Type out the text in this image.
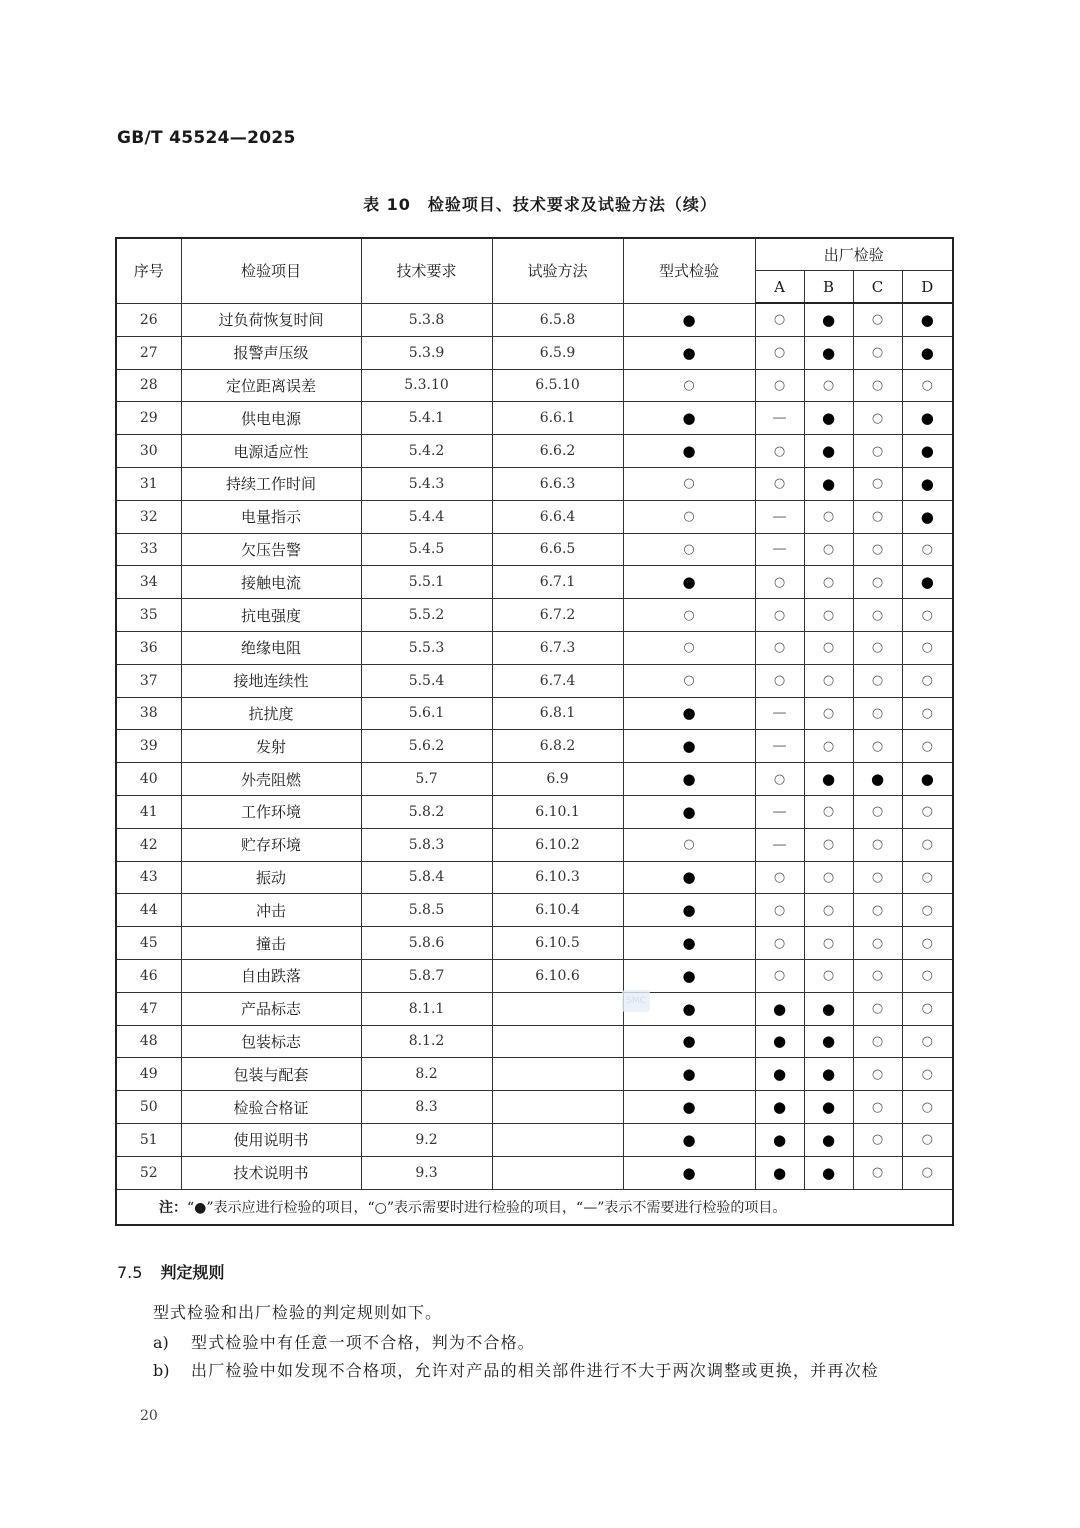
GB/T 45524—2025
表 10　检验项目、技术要求及试验方法（续）
序号	检验项目	技术要求	试验方法	型式检验	出厂检验			
					A	B	C	D
26	过负荷恢复时间	5.3.8	6.5.8	●	○	●	○	●
27	报警声压级	5.3.9	6.5.9	●	○	●	○	●
28	定位距离误差	5.3.10	6.5.10	○	○	○	○	○
29	供电电源	5.4.1	6.6.1	●	—	●	○	●
30	电源适应性	5.4.2	6.6.2	●	○	●	○	●
31	持续工作时间	5.4.3	6.6.3	○	○	●	○	●
32	电量指示	5.4.4	6.6.4	○	—	○	○	●
33	欠压告警	5.4.5	6.6.5	○	—	○	○	○
34	接触电流	5.5.1	6.7.1	●	○	○	○	●
35	抗电强度	5.5.2	6.7.2	○	○	○	○	○
36	绝缘电阻	5.5.3	6.7.3	○	○	○	○	○
37	接地连续性	5.5.4	6.7.4	○	○	○	○	○
38	抗扰度	5.6.1	6.8.1	●	—	○	○	○
39	发射	5.6.2	6.8.2	●	—	○	○	○
40	外壳阻燃	5.7	6.9	●	○	●	●	●
41	工作环境	5.8.2	6.10.1	●	—	○	○	○
42	贮存环境	5.8.3	6.10.2	○	—	○	○	○
43	振动	5.8.4	6.10.3	●	○	○	○	○
44	冲击	5.8.5	6.10.4	●	○	○	○	○
45	撞击	5.8.6	6.10.5	●	○	○	○	○
46	自由跌落	5.8.7	6.10.6	●	○	○	○	○
47	产品标志	8.1.1		●	●	●	○	○
48	包装标志	8.1.2		●	●	●	○	○
49	包装与配套	8.2		●	●	●	○	○
50	检验合格证	8.3		●	●	●	○	○
51	使用说明书	9.2		●	●	●	○	○
52	技术说明书	9.3		●	●	●	○	○
注：“●”表示应进行检验的项目，“○”表示需要时进行检验的项目，“—”表示不需要进行检验的项目。								
SMC
7.5 判定规则
型式检验和出厂检验的判定规则如下。
a) 型式检验中有任意一项不合格，判为不合格。
b) 出厂检验中如发现不合格项，允许对产品的相关部件进行不大于两次调整或更换，并再次检
20
